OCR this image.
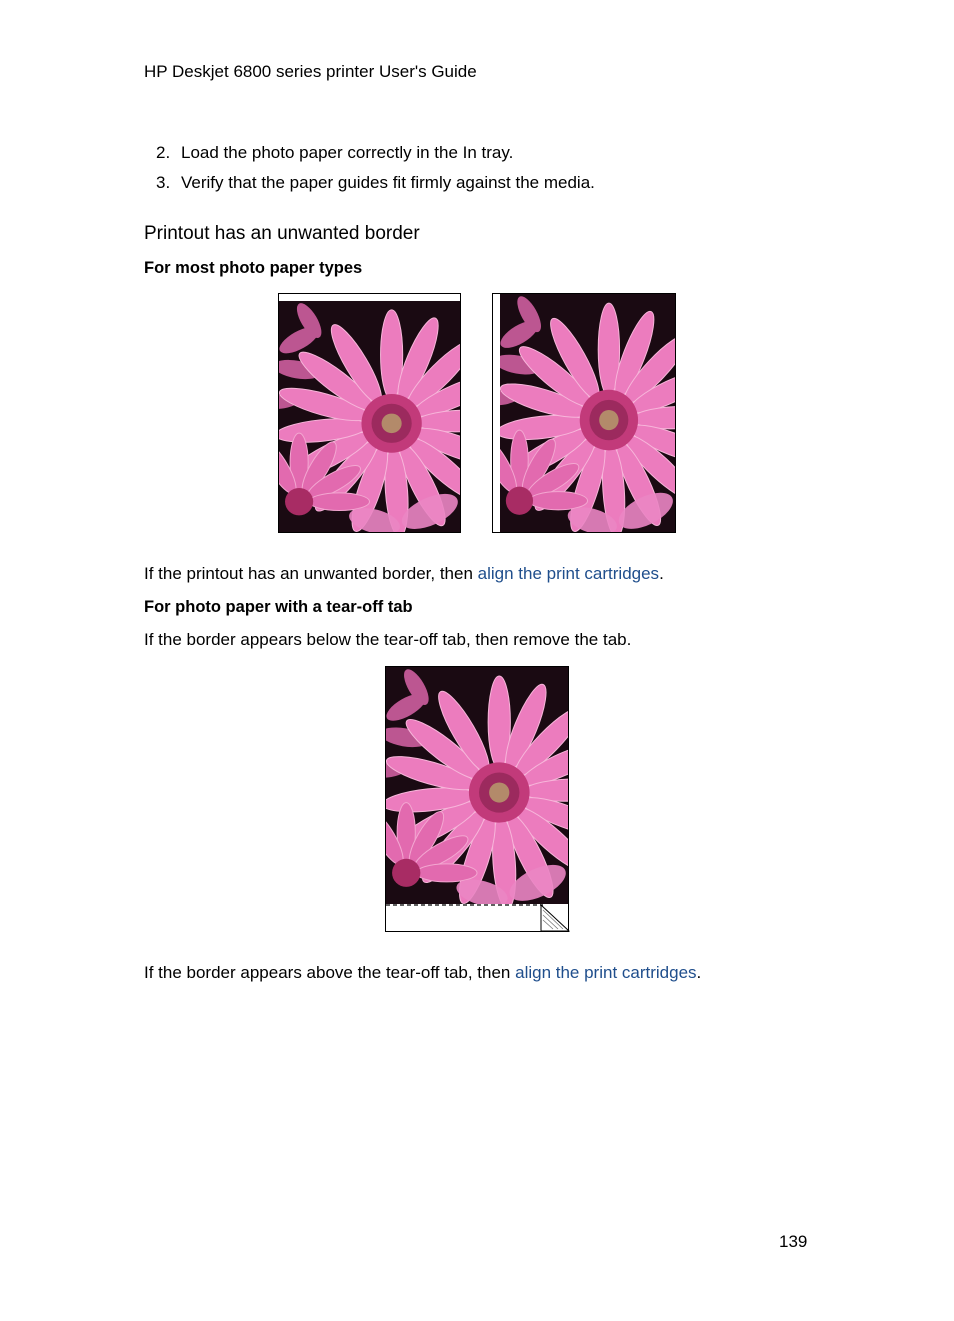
HP Deskjet 6800 series printer User's Guide
2. Load the photo paper correctly in the In tray.
3. Verify that the paper guides fit firmly against the media.
Printout has an unwanted border
For most photo paper types
If the printout has an unwanted border, then align the print cartridges.
For photo paper with a tear-off tab
If the border appears below the tear-off tab, then remove the tab.
If the border appears above the tear-off tab, then align the print cartridges.
139
